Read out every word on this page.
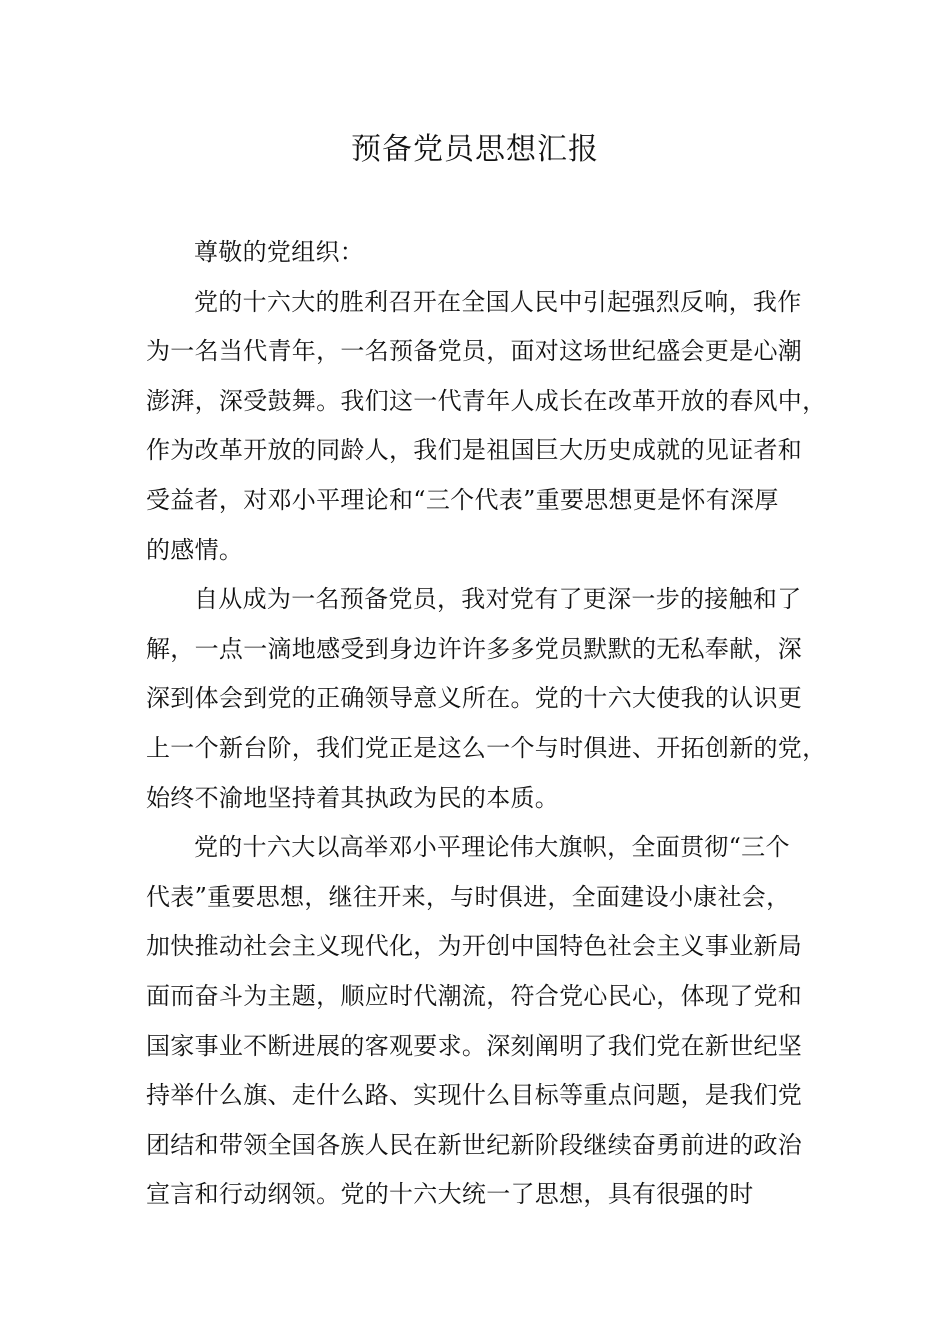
预备党员思想汇报
尊敬的党组织：
党的十六大的胜利召开在全国人民中引起强烈反响，我作
为一名当代青年，一名预备党员，面对这场世纪盛会更是心潮
澎湃，深受鼓舞。我们这一代青年人成长在改革开放的春风中，
作为改革开放的同龄人，我们是祖国巨大历史成就的见证者和
受益者，对邓小平理论和“三个代表”重要思想更是怀有深厚
的感情。
自从成为一名预备党员，我对党有了更深一步的接触和了
解，一点一滴地感受到身边许许多多党员默默的无私奉献，深
深到体会到党的正确领导意义所在。党的十六大使我的认识更
上一个新台阶，我们党正是这么一个与时俱进、开拓创新的党，
始终不渝地坚持着其执政为民的本质。
党的十六大以高举邓小平理论伟大旗帜，全面贯彻“三个
代表”重要思想，继往开来，与时俱进，全面建设小康社会，
加快推动社会主义现代化，为开创中国特色社会主义事业新局
面而奋斗为主题，顺应时代潮流，符合党心民心，体现了党和
国家事业不断进展的客观要求。深刻阐明了我们党在新世纪坚
持举什么旗、走什么路、实现什么目标等重点问题，是我们党
团结和带领全国各族人民在新世纪新阶段继续奋勇前进的政治
宣言和行动纲领。党的十六大统一了思想，具有很强的时
